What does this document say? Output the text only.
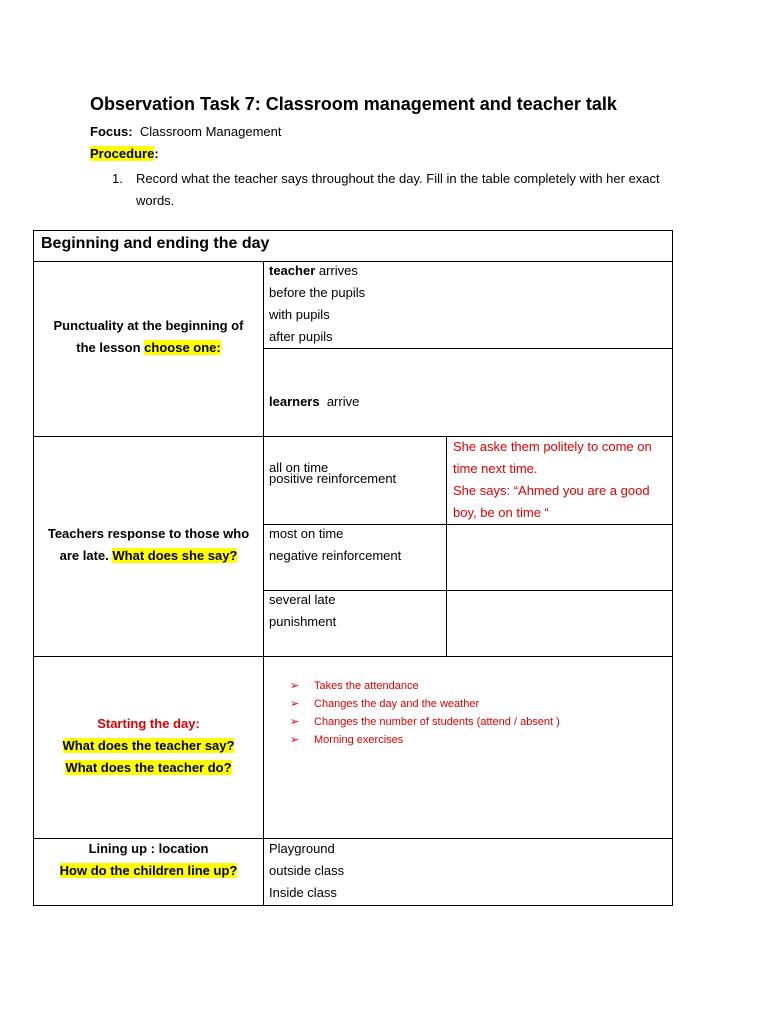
Observation Task 7: Classroom management and teacher talk
Focus: Classroom Management
Procedure:
1. Record what the teacher says throughout the day. Fill in the table completely with her exact words.
Beginning and ending the day
Punctuality at the beginning of
the lesson choose one:
teacher arrives
before the pupils
with pupils
after pupils

learners  arrive

all on time

most on time

several late

Teachers response to those who
are late. What does she say?
positive reinforcement
negative reinforcement
punishment
She aske them politely to come on
time next time.
She says: “Ahmed you are a good
boy, be on time “
Starting the day:
What does the teacher say?
What does the teacher do?
➢ Takes the attendance
➢ Changes the day and the weather
➢ Changes the number of students (attend / absent )
➢ Morning exercises
Lining up : location
How do the children line up?
Playground
outside class
Inside class
